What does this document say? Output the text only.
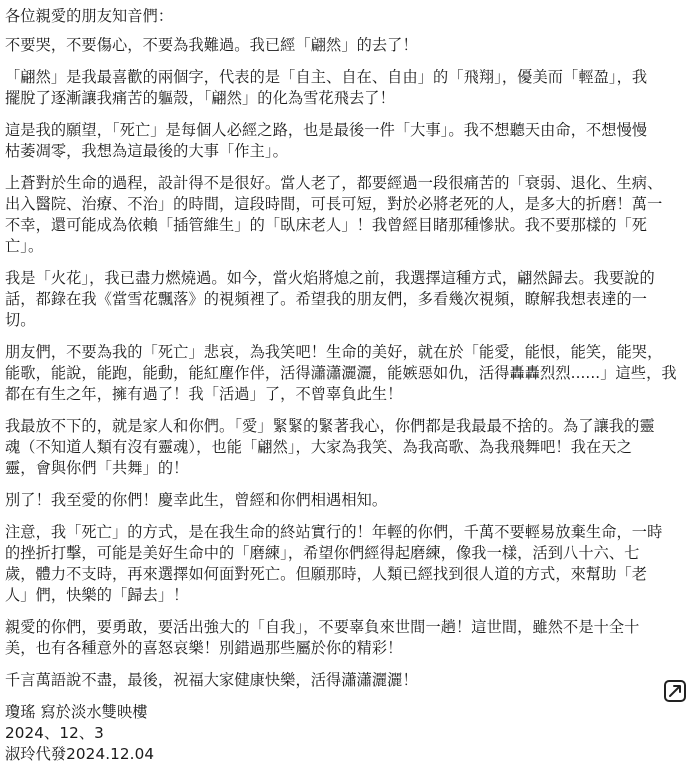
各位親愛的朋友知音們：
不要哭，不要傷心，不要為我難過。我已經「翩然」的去了！
「翩然」是我最喜歡的兩個字，代表的是「自主、自在、自由」的「飛翔」，優美而「輕盈」，我
擺脫了逐漸讓我痛苦的軀殼，「翩然」的化為雪花飛去了！
這是我的願望，「死亡」是每個人必經之路，也是最後一件「大事」。我不想聽天由命，不想慢慢
枯萎凋零，我想為這最後的大事「作主」。
上蒼對於生命的過程，設計得不是很好。當人老了，都要經過一段很痛苦的「衰弱、退化、生病、
出入醫院、治療、不治」的時間，這段時間，可長可短，對於必將老死的人，是多大的折磨！萬一
不幸，還可能成為依賴「插管維生」的「臥床老人」！我曾經目睹那種慘狀。我不要那樣的「死
亡」。
我是「火花」，我已盡力燃燒過。如今，當火焰將熄之前，我選擇這種方式，翩然歸去。我要說的
話，都錄在我《當雪花飄落》的視頻裡了。希望我的朋友們，多看幾次視頻，瞭解我想表達的一
切。
朋友們，不要為我的「死亡」悲哀，為我笑吧！生命的美好，就在於「能愛，能恨，能笑，能哭，
能歌，能說，能跑，能動，能紅塵作伴，活得瀟瀟灑灑，能嫉惡如仇，活得轟轟烈烈......」這些，我
都在有生之年，擁有過了！我「活過」了，不曾辜負此生！
我最放不下的，就是家人和你們。「愛」緊緊的緊著我心，你們都是我最最不捨的。為了讓我的靈
魂（不知道人類有沒有靈魂），也能「翩然」，大家為我笑、為我高歌、為我飛舞吧！我在天之
靈，會與你們「共舞」的！
別了！我至愛的你們！慶幸此生，曾經和你們相遇相知。
注意，我「死亡」的方式，是在我生命的終站實行的！年輕的你們，千萬不要輕易放棄生命，一時
的挫折打擊，可能是美好生命中的「磨練」，希望你們經得起磨練，像我一樣，活到八十六、七
歲，體力不支時，再來選擇如何面對死亡。但願那時，人類已經找到很人道的方式，來幫助「老
人」們，快樂的「歸去」！
親愛的你們，要勇敢，要活出強大的「自我」，不要辜負來世間一趟！這世間，雖然不是十全十
美，也有各種意外的喜怒哀樂！別錯過那些屬於你的精彩！
千言萬語說不盡，最後，祝福大家健康快樂，活得瀟瀟灑灑！
瓊瑤 寫於淡水雙映樓
2024、12、3
淑玲代發2024.12.04
